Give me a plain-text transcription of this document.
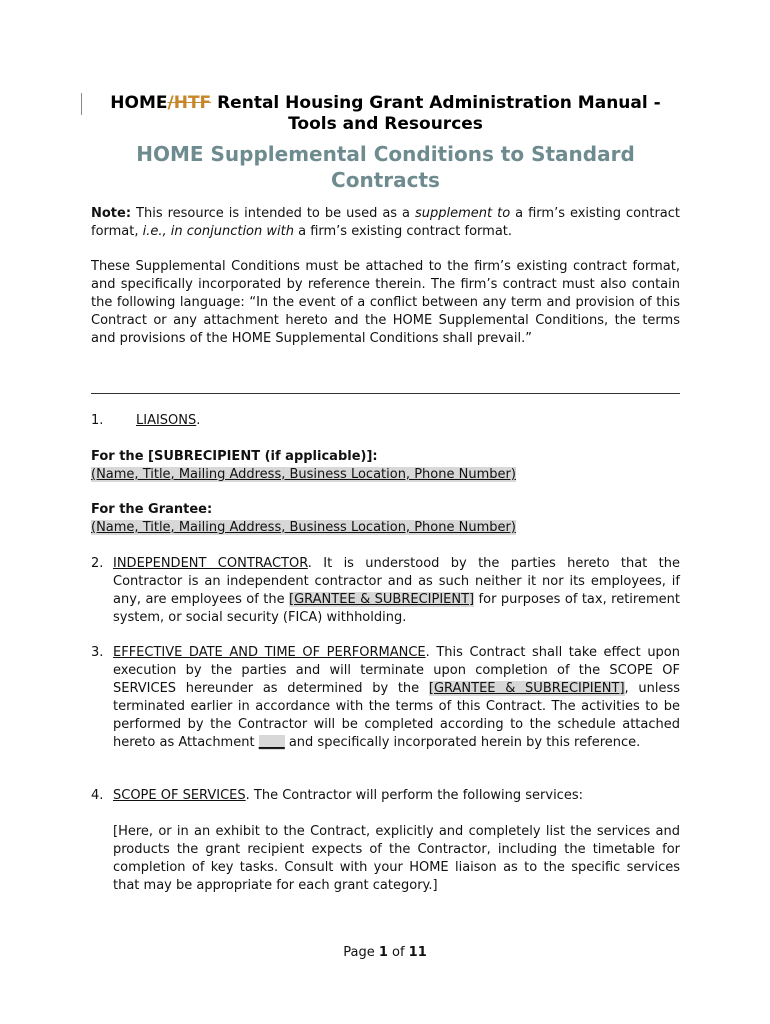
HOME/HTF Rental Housing Grant Administration Manual -
Tools and Resources
HOME Supplemental Conditions to Standard Contracts
Note: This resource is intended to be used as a supplement to a firm’s existing contract format, i.e., in conjunction with a firm’s existing contract format.
These Supplemental Conditions must be attached to the firm’s existing contract format, and specifically incorporated by reference therein. The firm’s contract must also contain the following language: “In the event of a conflict between any term and provision of this Contract or any attachment hereto and the HOME Supplemental Conditions, the terms and provisions of the HOME Supplemental Conditions shall prevail.”
1.	LIAISONS.
For the [SUBRECIPIENT (if applicable)]:
(Name, Title, Mailing Address, Business Location, Phone Number)
For the Grantee:
(Name, Title, Mailing Address, Business Location, Phone Number)
2. INDEPENDENT CONTRACTOR. It is understood by the parties hereto that the Contractor is an independent contractor and as such neither it nor its employees, if any, are employees of the [GRANTEE & SUBRECIPIENT] for purposes of tax, retirement system, or social security (FICA) withholding.
3. EFFECTIVE DATE AND TIME OF PERFORMANCE. This Contract shall take effect upon execution by the parties and will terminate upon completion of the SCOPE OF SERVICES hereunder as determined by the [GRANTEE & SUBRECIPIENT], unless terminated earlier in accordance with the terms of this Contract. The activities to be performed by the Contractor will be completed according to the schedule attached hereto as Attachment ____ and specifically incorporated herein by this reference.
4. SCOPE OF SERVICES. The Contractor will perform the following services:
[Here, or in an exhibit to the Contract, explicitly and completely list the services and products the grant recipient expects of the Contractor, including the timetable for completion of key tasks. Consult with your HOME liaison as to the specific services that may be appropriate for each grant category.]
Page 1 of 11
